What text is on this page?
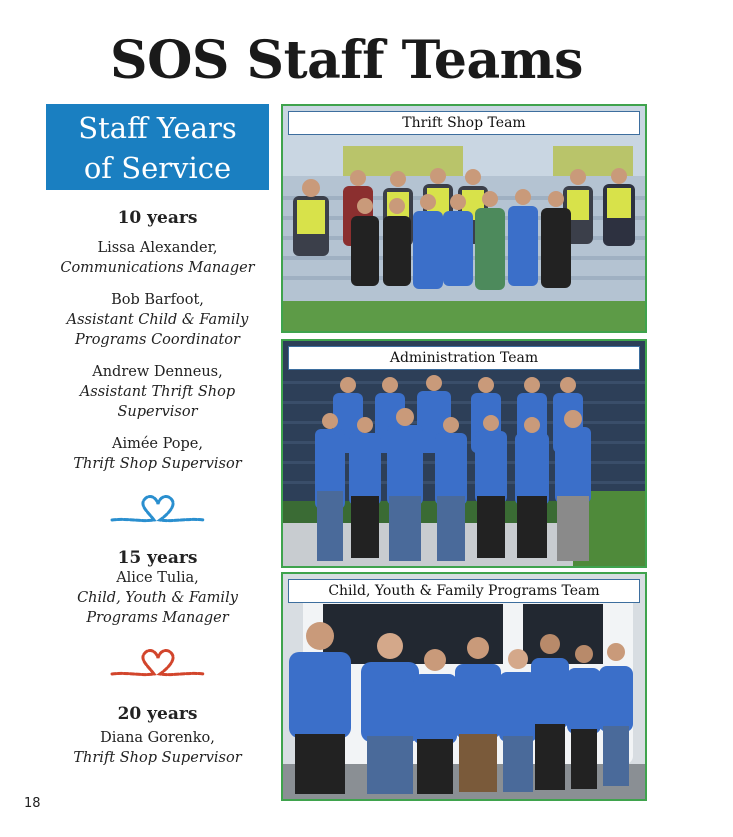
SOS Staff Teams
Staff Years
of Service

10 years

Lissa Alexander,
Communications Manager

Bob Barfoot,
Assistant Child & Family
Programs Coordinator

Andrew Denneus,
Assistant Thrift Shop
Supervisor

Aimée Pope,
Thrift Shop Supervisor

15 years

Alice Tulia,
Child, Youth & Family
Programs Manager

20 years

Diana Gorenko,
Thrift Shop Supervisor

Thrift Shop Team
Administration Team
Child, Youth & Family Programs Team
18
